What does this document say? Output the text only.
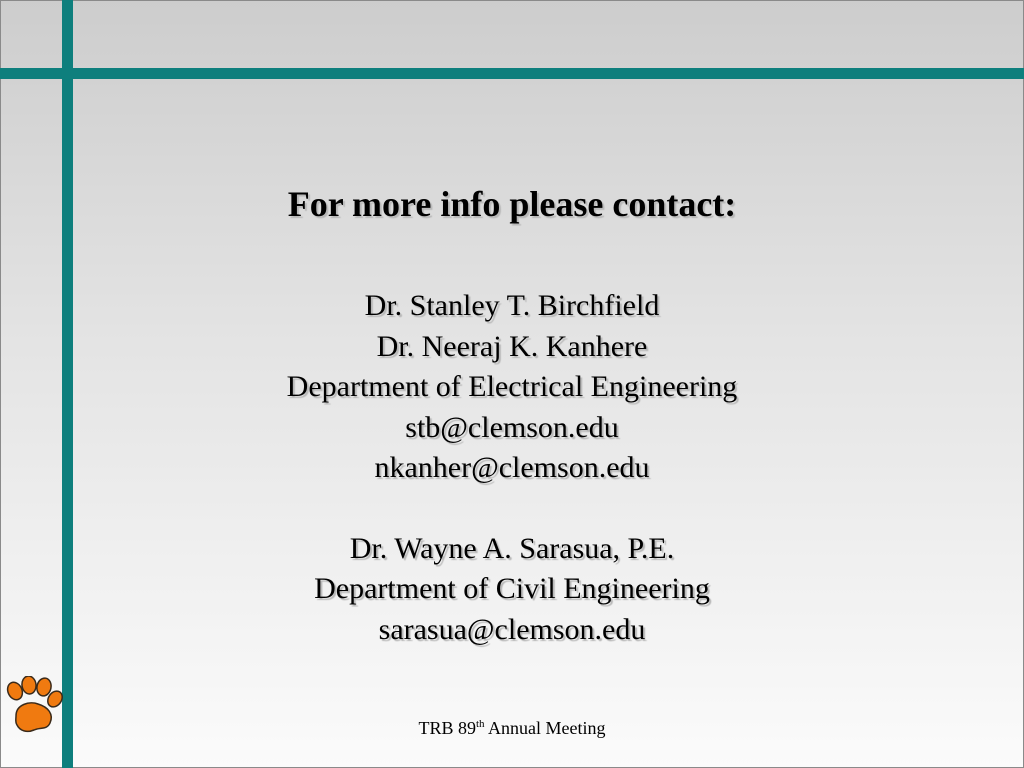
For more info please contact:
Dr. Stanley T. Birchfield
Dr. Neeraj K. Kanhere
Department of Electrical Engineering
stb@clemson.edu
nkanher@clemson.edu
Dr. Wayne A. Sarasua, P.E.
Department of Civil Engineering
sarasua@clemson.edu
TRB 89th Annual Meeting
